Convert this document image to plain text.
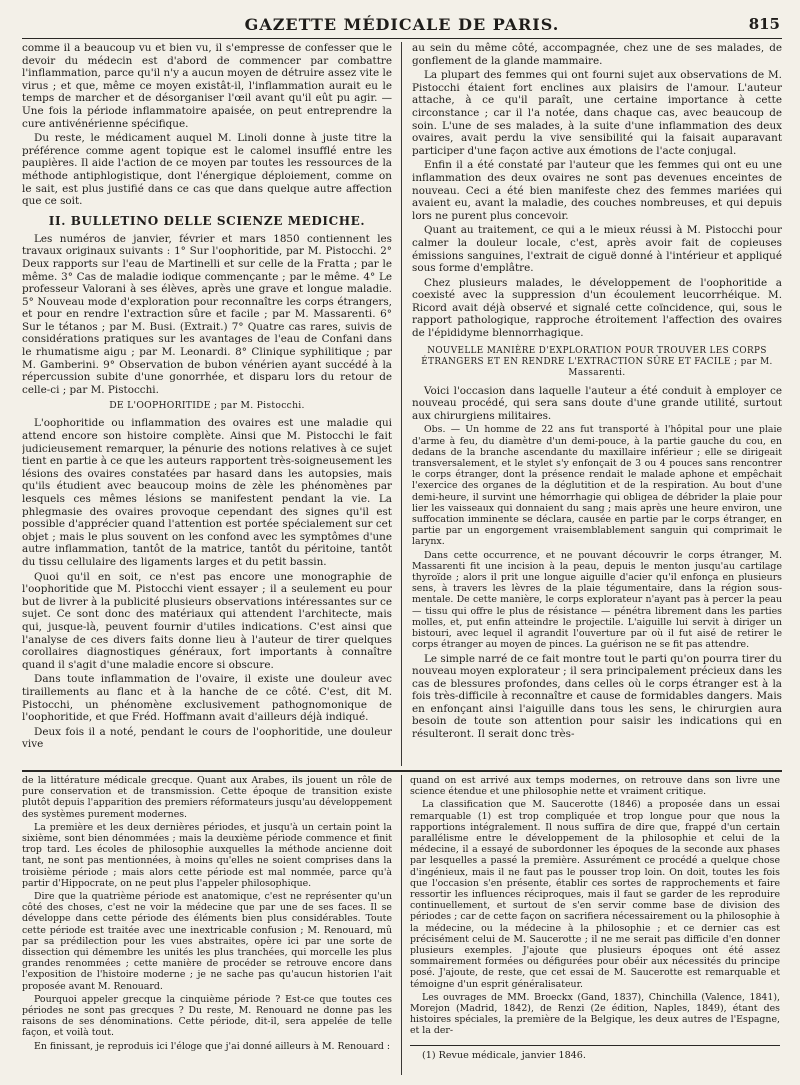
GAZETTE MÉDICALE DE PARIS.	815

comme il a beaucoup vu et bien vu, il s'empresse de confesser que le devoir du médecin est d'abord de commencer par combattre l'inflammation, parce qu'il n'y a aucun moyen de détruire assez vite le virus ; et que, même ce moyen existât-il, l'inflammation aurait eu le temps de marcher et de désorganiser l'œil avant qu'il eût pu agir. — Une fois la période inflammatoire apaisée, on peut entreprendre la cure antivénérienne spécifique.

Du reste, le médicament auquel M. Linoli donne à juste titre la préférence comme agent topique est le calomel insufflé entre les paupières. Il aide l'action de ce moyen par toutes les ressources de la méthode antiphlogistique, dont l'énergique déploiement, comme on le sait, est plus justifié dans ce cas que dans quelque autre affection que ce soit.

II. BULLETINO DELLE SCIENZE MEDICHE.

Les numéros de janvier, février et mars 1850 contiennent les travaux originaux suivants : 1° Sur l'oophoritide, par M. Pistocchi. 2° Deux rapports sur l'eau de Martinelli et sur celle de la Fratta ; par le même. 3° Cas de maladie iodique commençante ; par le même. 4° Le professeur Valorani à ses élèves, après une grave et longue maladie. 5° Nouveau mode d'exploration pour reconnaître les corps étrangers, et pour en rendre l'extraction sûre et facile ; par M. Massarenti. 6° Sur le tétanos ; par M. Busi. (Extrait.) 7° Quatre cas rares, suivis de considérations pratiques sur les avantages de l'eau de Confani dans le rhumatisme aigu ; par M. Leonardi. 8° Clinique syphilitique ; par M. Gamberini. 9° Observation de bubon vénérien ayant succédé à la répercussion subite d'une gonorrhée, et disparu lors du retour de celle-ci ; par M. Pistocchi.

DE L'OOPHORITIDE ; par M. Pistocchi.

L'oophoritide ou inflammation des ovaires est une maladie qui attend encore son histoire complète. Ainsi que M. Pistocchi le fait judicieusement remarquer, la pénurie des notions relatives à ce sujet tient en partie à ce que les auteurs rapportent très-soigneusement les lésions des ovaires constatées par hasard dans les autopsies, mais qu'ils étudient avec beaucoup moins de zèle les phénomènes par lesquels ces mêmes lésions se manifestent pendant la vie. La phlegmasie des ovaires provoque cependant des signes qu'il est possible d'apprécier quand l'attention est portée spécialement sur cet objet ; mais le plus souvent on les confond avec les symptômes d'une autre inflammation, tantôt de la matrice, tantôt du péritoine, tantôt du tissu cellulaire des ligaments larges et du petit bassin.

Quoi qu'il en soit, ce n'est pas encore une monographie de l'oophoritide que M. Pistocchi vient essayer ; il a seulement eu pour but de livrer à la publicité plusieurs observations intéressantes sur ce sujet. Ce sont donc des matériaux qui attendent l'architecte, mais qui, jusque-là, peuvent fournir d'utiles indications. C'est ainsi que l'analyse de ces divers faits donne lieu à l'auteur de tirer quelques corollaires diagnostiques généraux, fort importants à connaître quand il s'agit d'une maladie encore si obscure.

Dans toute inflammation de l'ovaire, il existe une douleur avec tiraillements au flanc et à la hanche de ce côté. C'est, dit M. Pistocchi, un phénomène exclusivement pathognomonique de l'oophoritide, et que Fréd. Hoffmann avait d'ailleurs déjà indiqué.

Deux fois il a noté, pendant le cours de l'oophoritide, une douleur vive

au sein du même côté, accompagnée, chez une de ses malades, de gonflement de la glande mammaire.

La plupart des femmes qui ont fourni sujet aux observations de M. Pistocchi étaient fort enclines aux plaisirs de l'amour. L'auteur attache, à ce qu'il paraît, une certaine importance à cette circonstance ; car il l'a notée, dans chaque cas, avec beaucoup de soin. L'une de ses malades, à la suite d'une inflammation des deux ovaires, avait perdu la vive sensibilité qui la faisait auparavant participer d'une façon active aux émotions de l'acte conjugal.

Enfin il a été constaté par l'auteur que les femmes qui ont eu une inflammation des deux ovaires ne sont pas devenues enceintes de nouveau. Ceci a été bien manifeste chez des femmes mariées qui avaient eu, avant la maladie, des couches nombreuses, et qui depuis lors ne purent plus concevoir.

Quant au traitement, ce qui a le mieux réussi à M. Pistocchi pour calmer la douleur locale, c'est, après avoir fait de copieuses émissions sanguines, l'extrait de ciguë donné à l'intérieur et appliqué sous forme d'emplâtre.

Chez plusieurs malades, le développement de l'oophoritide a coexisté avec la suppression d'un écoulement leucorrhéique. M. Ricord avait déjà observé et signalé cette coïncidence, qui, sous le rapport pathologique, rapproche étroitement l'affection des ovaires de l'épididyme blennorrhagique.

NOUVELLE MANIÈRE D'EXPLORATION POUR TROUVER LES CORPS ÉTRANGERS ET EN RENDRE L'EXTRACTION SÛRE ET FACILE ; par M. Massarenti.

Voici l'occasion dans laquelle l'auteur a été conduit à employer ce nouveau procédé, qui sera sans doute d'une grande utilité, surtout aux chirurgiens militaires.

Obs. — Un homme de 22 ans fut transporté à l'hôpital pour une plaie d'arme à feu, du diamètre d'un demi-pouce, à la partie gauche du cou, en dedans de la branche ascendante du maxillaire inférieur ; elle se dirigeait transversalement, et le stylet s'y enfonçait de 3 ou 4 pouces sans rencontrer le corps étranger, dont la présence rendait le malade aphone et empêchait l'exercice des organes de la déglutition et de la respiration. Au bout d'une demi-heure, il survint une hémorrhagie qui obligea de débrider la plaie pour lier les vaisseaux qui donnaient du sang ; mais après une heure environ, une suffocation imminente se déclara, causée en partie par le corps étranger, en partie par un engorgement vraisemblablement sanguin qui comprimait le larynx.

Dans cette occurrence, et ne pouvant découvrir le corps étranger, M. Massarenti fit une incision à la peau, depuis le menton jusqu'au cartilage thyroïde ; alors il prit une longue aiguille d'acier qu'il enfonça en plusieurs sens, à travers les lèvres de la plaie tégumentaire, dans la région sous-mentale. De cette manière, le corps explorateur n'ayant pas à percer la peau — tissu qui offre le plus de résistance — pénétra librement dans les parties molles, et, put enfin atteindre le projectile. L'aiguille lui servit à diriger un bistouri, avec lequel il agrandit l'ouverture par où il fut aisé de retirer le corps étranger au moyen de pinces. La guérison ne se fit pas attendre.

Le simple narré de ce fait montre tout le parti qu'on pourra tirer du nouveau moyen explorateur ; il sera principalement précieux dans les cas de blessures profondes, dans celles où le corps étranger est à la fois très-difficile à reconnaître et cause de formidables dangers. Mais en enfonçant ainsi l'aiguille dans tous les sens, le chirurgien aura besoin de toute son attention pour saisir les indications qui en résulteront. Il serait donc très-

de la littérature médicale grecque. Quant aux Arabes, ils jouent un rôle de pure conservation et de transmission. Cette époque de transition existe plutôt depuis l'apparition des premiers réformateurs jusqu'au développement des systèmes purement modernes.

La première et les deux dernières périodes, et jusqu'à un certain point la sixième, sont bien dénommées ; mais la deuxième période commence et finit trop tard. Les écoles de philosophie auxquelles la méthode ancienne doit tant, ne sont pas mentionnées, à moins qu'elles ne soient comprises dans la troisième période ; mais alors cette période est mal nommée, parce qu'à partir d'Hippocrate, on ne peut plus l'appeler philosophique.

Dire que la quatrième période est anatomique, c'est ne représenter qu'un côté des choses, c'est ne voir la médecine que par une de ses faces. Il se développe dans cette période des éléments bien plus considérables. Toute cette période est traitée avec une inextricable confusion ; M. Renouard, mû par sa prédilection pour les vues abstraites, opère ici par une sorte de dissection qui démembre les unités les plus tranchées, qui morcelle les plus grandes renommées ; cette manière de procéder se retrouve encore dans l'exposition de l'histoire moderne ; je ne sache pas qu'aucun historien l'ait proposée avant M. Renouard.

Pourquoi appeler grecque la cinquième période ? Est-ce que toutes ces périodes ne sont pas grecques ? Du reste, M. Renouard ne donne pas les raisons de ses dénominations. Cette période, dit-il, sera appelée de telle façon, et voilà tout.

En finissant, je reproduis ici l'éloge que j'ai donné ailleurs à M. Renouard :

quand on est arrivé aux temps modernes, on retrouve dans son livre une science étendue et une philosophie nette et vraiment critique.

La classification que M. Saucerotte (1846) a proposée dans un essai remarquable (1) est trop compliquée et trop longue pour que nous la rapportions intégralement. Il nous suffira de dire que, frappé d'un certain parallélisme entre le développement de la philosophie et celui de la médecine, il a essayé de subordonner les époques de la seconde aux phases par lesquelles a passé la première. Assurément ce procédé a quelque chose d'ingénieux, mais il ne faut pas le pousser trop loin. On doit, toutes les fois que l'occasion s'en présente, établir ces sortes de rapprochements et faire ressortir les influences réciproques, mais il faut se garder de les reproduire continuellement, et surtout de s'en servir comme base de division des périodes ; car de cette façon on sacrifiera nécessairement ou la philosophie à la médecine, ou la médecine à la philosophie ; et ce dernier cas est précisément celui de M. Saucerotte ; il ne me serait pas difficile d'en donner plusieurs exemples. J'ajoute que plusieurs époques ont été assez sommairement formées ou défigurées pour obéir aux nécessités du principe posé. J'ajoute, de reste, que cet essai de M. Saucerotte est remarquable et témoigne d'un esprit généralisateur.

Les ouvrages de MM. Broeckx (Gand, 1837), Chinchilla (Valence, 1841), Morejon (Madrid, 1842), de Renzi (2e édition, Naples, 1849), étant des histoires spéciales, la première de la Belgique, les deux autres de l'Espagne, et la der-

(1) Revue médicale, janvier 1846.
